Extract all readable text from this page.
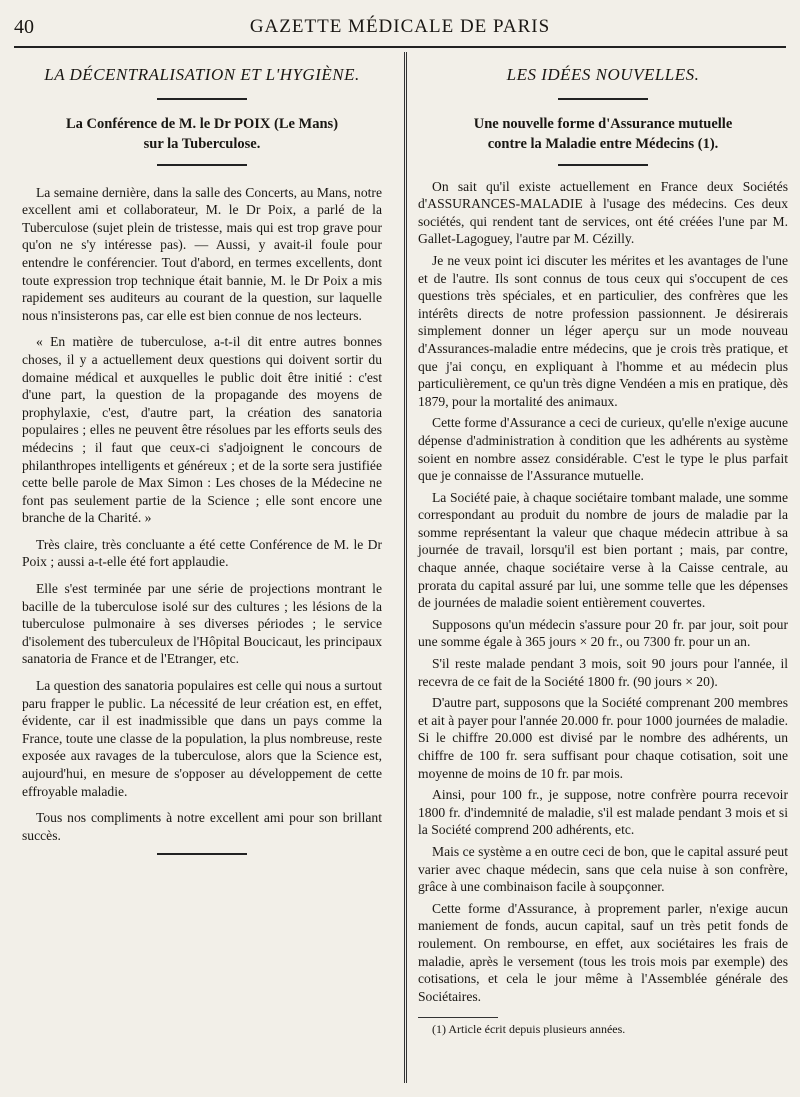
40	GAZETTE MÉDICALE DE PARIS
LA DÉCENTRALISATION ET L'HYGIÈNE.
La Conférence de M. le Dr POIX (Le Mans)
sur la Tuberculose.

La semaine dernière, dans la salle des Concerts, au Mans, notre excellent ami et collaborateur, M. le Dr Poix, a parlé de la Tuberculose (sujet plein de tristesse, mais qui est trop grave pour qu'on ne s'y intéresse pas). — Aussi, y avait-il foule pour entendre le conférencier. Tout d'abord, en termes excellents, dont toute expression trop technique était bannie, M. le Dr Poix a mis rapidement ses auditeurs au courant de la question, sur laquelle nous n'insisterons pas, car elle est bien connue de nos lecteurs.

« En matière de tuberculose, a-t-il dit entre autres bonnes choses, il y a actuellement deux questions qui doivent sortir du domaine médical et auxquelles le public doit être initié : c'est d'une part, la question de la propagande des moyens de prophylaxie, c'est, d'autre part, la création des sanatoria populaires ; elles ne peuvent être résolues par les efforts seuls des médecins ; il faut que ceux-ci s'adjoignent le concours de philanthropes intelligents et généreux ; et de la sorte sera justifiée cette belle parole de Max Simon : Les choses de la Médecine ne font pas seulement partie de la Science ; elle sont encore une branche de la Charité. »

Très claire, très concluante a été cette Conférence de M. le Dr Poix ; aussi a-t-elle été fort applaudie.

Elle s'est terminée par une série de projections montrant le bacille de la tuberculose isolé sur des cultures ; les lésions de la tuberculose pulmonaire à ses diverses périodes ; le service d'isolement des tuberculeux de l'Hôpital Boucicaut, les principaux sanatoria de France et de l'Etranger, etc.

La question des sanatoria populaires est celle qui nous a surtout paru frapper le public. La nécessité de leur création est, en effet, évidente, car il est inadmissible que dans un pays comme la France, toute une classe de la population, la plus nombreuse, reste exposée aux ravages de la tuberculose, alors que la Science est, aujourd'hui, en mesure de s'opposer au développement de cette effroyable maladie.

Tous nos compliments à notre excellent ami pour son brillant succès.

LES IDÉES NOUVELLES.
Une nouvelle forme d'Assurance mutuelle
contre la Maladie entre Médecins (1).

On sait qu'il existe actuellement en France deux Sociétés d'ASSURANCES-MALADIE à l'usage des médecins. Ces deux sociétés, qui rendent tant de services, ont été créées l'une par M. Gallet-Lagoguey, l'autre par M. Cézilly.

Je ne veux point ici discuter les mérites et les avantages de l'une et de l'autre. Ils sont connus de tous ceux qui s'occupent de ces questions très spéciales, et en particulier, des confrères que les intérêts directs de notre profession passionnent. Je désirerais simplement donner un léger aperçu sur un mode nouveau d'Assurances-maladie entre médecins, que je crois très pratique, et que j'ai conçu, en expliquant à l'homme et au médecin plus particulièrement, ce qu'un très digne Vendéen a mis en pratique, dès 1879, pour la mortalité des animaux.

Cette forme d'Assurance a ceci de curieux, qu'elle n'exige aucune dépense d'administration à condition que les adhérents au système soient en nombre assez considérable. C'est le type le plus parfait que je connaisse de l'Assurance mutuelle.

La Société paie, à chaque sociétaire tombant malade, une somme correspondant au produit du nombre de jours de maladie par la somme représentant la valeur que chaque médecin attribue à sa journée de travail, lorsqu'il est bien portant ; mais, par contre, chaque année, chaque sociétaire verse à la Caisse centrale, au prorata du capital assuré par lui, une somme telle que les dépenses de journées de maladie soient entièrement couvertes.

Supposons qu'un médecin s'assure pour 20 fr. par jour, soit pour une somme égale à 365 jours × 20 fr., ou 7300 fr. pour un an.

S'il reste malade pendant 3 mois, soit 90 jours pour l'année, il recevra de ce fait de la Société 1800 fr. (90 jours × 20).

D'autre part, supposons que la Société comprenant 200 membres et ait à payer pour l'année 20.000 fr. pour 1000 journées de maladie. Si le chiffre 20.000 est divisé par le nombre des adhérents, un chiffre de 100 fr. sera suffisant pour chaque cotisation, soit une moyenne de moins de 10 fr. par mois.

Ainsi, pour 100 fr., je suppose, notre confrère pourra recevoir 1800 fr. d'indemnité de maladie, s'il est malade pendant 3 mois et si la Société comprend 200 adhérents, etc.

Mais ce système a en outre ceci de bon, que le capital assuré peut varier avec chaque médecin, sans que cela nuise à son confrère, grâce à une combinaison facile à soupçonner.

Cette forme d'Assurance, à proprement parler, n'exige aucun maniement de fonds, aucun capital, sauf un très petit fonds de roulement. On rembourse, en effet, aux sociétaires les frais de maladie, après le versement (tous les trois mois par exemple) des cotisations, et cela le jour même à l'Assemblée générale des Sociétaires.

(1) Article écrit depuis plusieurs années.
